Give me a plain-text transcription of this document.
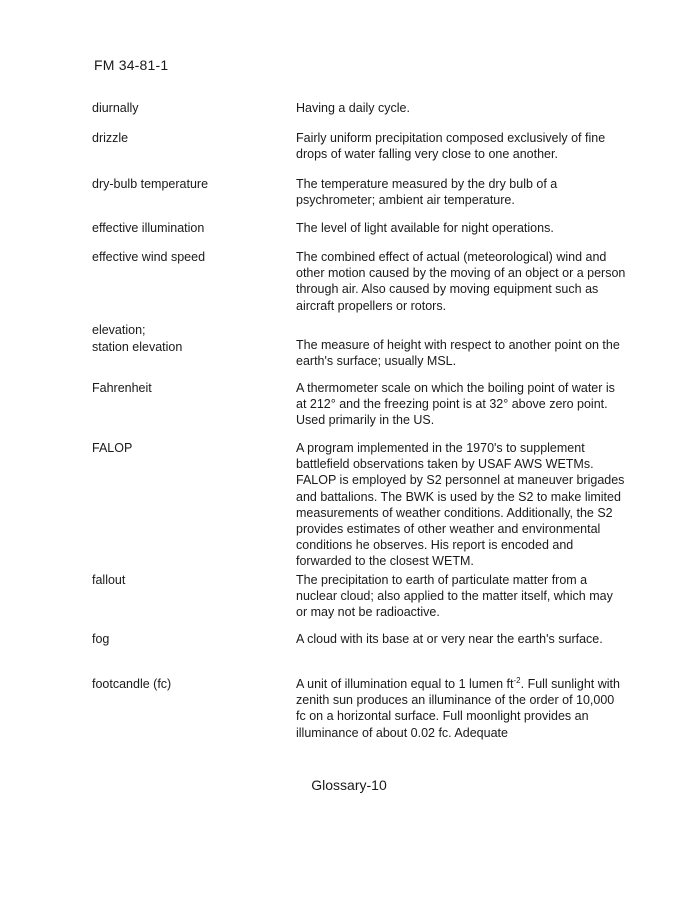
FM 34-81-1
diurnally	Having a daily cycle.
drizzle	Fairly uniform precipitation composed exclusively of fine drops of water falling very close to one another.
dry-bulb temperature	The temperature measured by the dry bulb of a psychrometer; ambient air temperature.
effective illumination	The level of light available for night operations.
effective wind speed	The combined effect of actual (meteorological) wind and other motion caused by the moving of an object or a person through air. Also caused by moving equipment such as aircraft propellers or rotors.
elevation;
station elevation	The measure of height with respect to another point on the earth's surface; usually MSL.
Fahrenheit	A thermometer scale on which the boiling point of water is at 212° and the freezing point is at 32° above zero point. Used primarily in the US.
FALOP	A program implemented in the 1970's to supplement battlefield observations taken by USAF AWS WETMs. FALOP is employed by S2 personnel at maneuver brigades and battalions. The BWK is used by the S2 to make limited measurements of weather conditions. Additionally, the S2 provides estimates of other weather and environmental conditions he observes. His report is encoded and forwarded to the closest WETM.
fallout	The precipitation to earth of particulate matter from a nuclear cloud; also applied to the matter itself, which may or may not be radioactive.
fog	A cloud with its base at or very near the earth's surface.
footcandle (fc)	A unit of illumination equal to 1 lumen $ft^{-2}$. Full sunlight with zenith sun produces an illuminance of the order of 10,000 fc on a horizontal surface. Full moonlight provides an illuminance of about 0.02 fc. Adequate
Glossary-10
